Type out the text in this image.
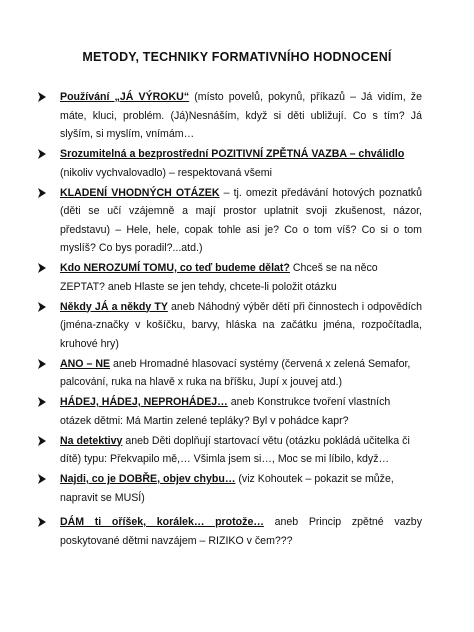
METODY, TECHNIKY FORMATIVNÍHO HODNOCENÍ
Používání „JÁ VÝROKU“ (místo povelů, pokynů, příkazů – Já vidím, že máte, kluci, problém. (Já)Nesnáším, když si děti ubližují. Co s tím? Já slyším, si myslím, vnímám…
Srozumitelná a bezprostřední POZITIVNÍ ZPĚTNÁ VAZBA – chválidlo (nikoliv vychvalovadlo) – respektovaná všemi
KLADENÍ VHODNÝCH OTÁZEK – tj. omezit předávání hotových poznatků (děti se učí vzájemně a mají prostor uplatnit svoji zkušenost, názor, představu) – Hele, hele, copak tohle asi je? Co o tom víš? Co si o tom myslíš? Co bys poradil?...atd.)
Kdo NEROZUMÍ TOMU, co teď budeme dělat? Chceš se na něco ZEPTAT? aneb Hlaste se jen tehdy, chcete-li položit otázku
Někdy JÁ a někdy TY aneb Náhodný výběr dětí při činnostech i odpovědích (jména-značky v košíčku, barvy, hláska na začátku jména, rozpočítadla, kruhové hry)
ANO – NE aneb Hromadné hlasovací systémy (červená x zelená Semafor, palcování, ruka na hlavě x ruka na bříšku, Jupí x jouvej atd.)
HÁDEJ, HÁDEJ, NEPROHÁDEJ… aneb Konstrukce tvoření vlastních otázek dětmi: Má Martin zelené tepláky? Byl v pohádce kapr?
Na detektivy aneb Děti doplňují startovací větu (otázku pokládá učitelka či dítě) typu: Překvapilo mě,… Všimla jsem si…, Moc se mi líbilo, když…
Najdi, co je DOBŘE, objev chybu… (viz Kohoutek – pokazit se může, napravit se MUSÍ)
DÁM ti oříšek, korálek… protože… aneb Princip zpětné vazby poskytované dětmi navzájem – RIZIKO v čem???
